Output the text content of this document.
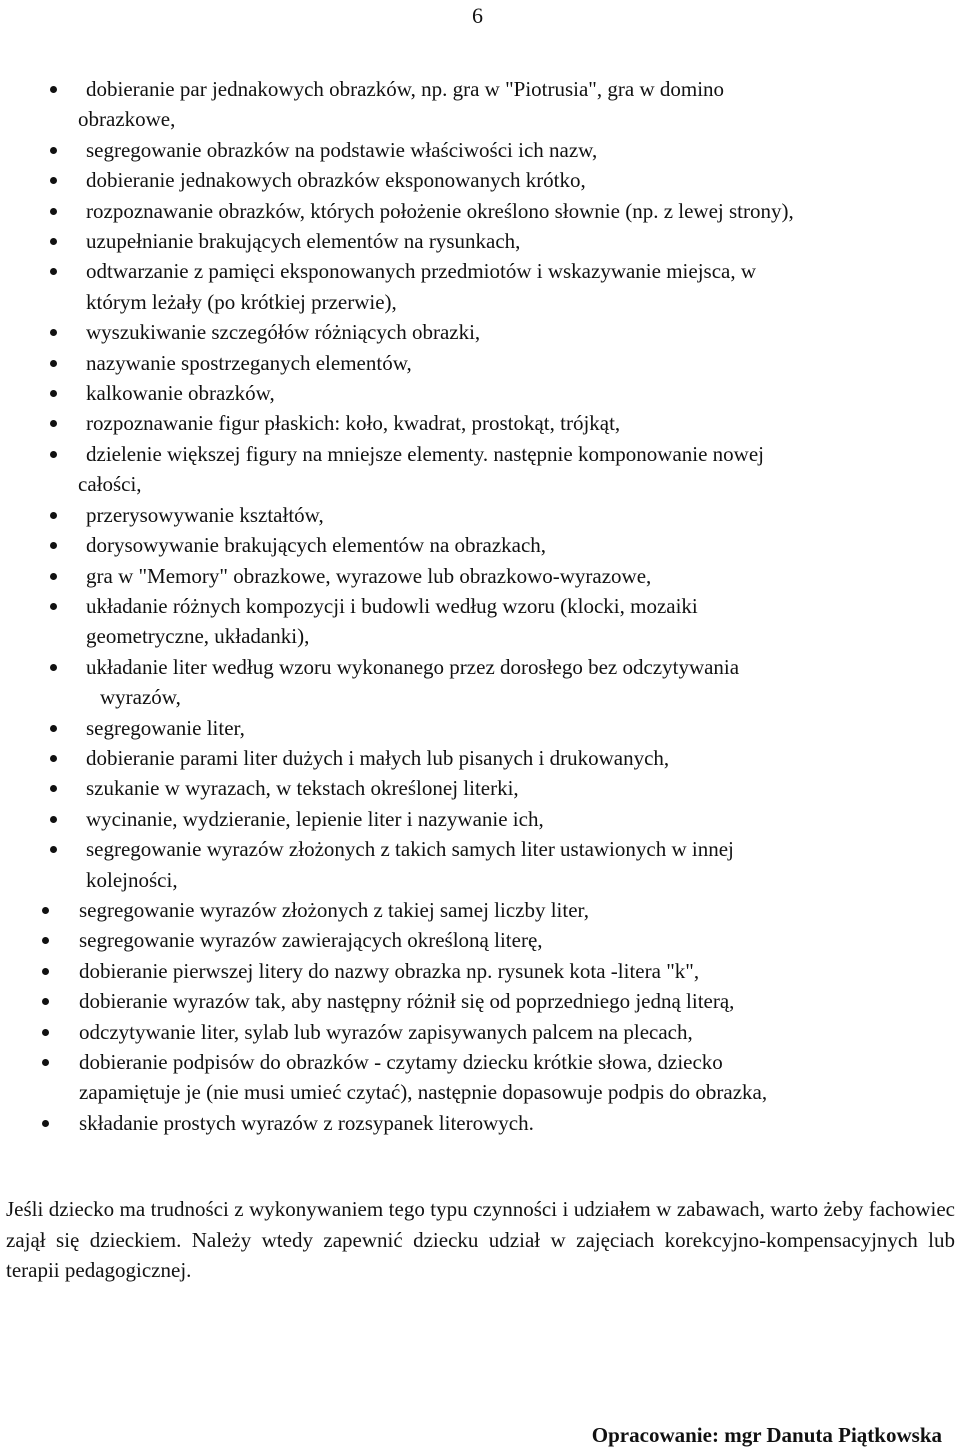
6
dobieranie par jednakowych obrazków, np. gra w "Piotrusia", gra w domino
obrazkowe,
segregowanie obrazków na podstawie właściwości ich nazw,
dobieranie jednakowych obrazków eksponowanych krótko,
rozpoznawanie obrazków, których położenie określono słownie (np. z lewej strony),
uzupełnianie brakujących elementów na rysunkach,
odtwarzanie z pamięci eksponowanych przedmiotów i wskazywanie miejsca, w
którym leżały (po krótkiej przerwie),
wyszukiwanie szczegółów różniących obrazki,
nazywanie spostrzeganych elementów,
kalkowanie obrazków,
rozpoznawanie figur płaskich: koło, kwadrat, prostokąt, trójkąt,
dzielenie większej figury na mniejsze elementy. następnie komponowanie nowej
całości,
przerysowywanie kształtów,
dorysowywanie brakujących elementów na obrazkach,
gra w "Memory" obrazkowe, wyrazowe lub obrazkowo-wyrazowe,
układanie różnych kompozycji i budowli według wzoru (klocki, mozaiki
geometryczne, układanki),
układanie liter według wzoru wykonanego przez dorosłego bez odczytywania
wyrazów,
segregowanie liter,
dobieranie parami liter dużych i małych lub pisanych i drukowanych,
szukanie w wyrazach, w tekstach określonej literki,
wycinanie, wydzieranie, lepienie liter i nazywanie ich,
segregowanie wyrazów złożonych z takich samych liter ustawionych w innej
kolejności,
segregowanie wyrazów złożonych z takiej samej liczby liter,
segregowanie wyrazów zawierających określoną literę,
dobieranie pierwszej litery do nazwy obrazka np. rysunek kota -litera "k",
dobieranie wyrazów tak, aby następny różnił się od poprzedniego jedną literą,
odczytywanie liter, sylab lub wyrazów zapisywanych palcem na plecach,
dobieranie podpisów do obrazków - czytamy dziecku krótkie słowa, dziecko
zapamiętuje je (nie musi umieć czytać), następnie dopasowuje podpis do obrazka,
składanie prostych wyrazów z rozsypanek literowych.

Jeśli dziecko ma trudności z wykonywaniem tego typu czynności i udziałem w zabawach, warto żeby fachowiec zajął się dzieckiem. Należy wtedy zapewnić dziecku udział w zajęciach korekcyjno-kompensacyjnych lub terapii pedagogicznej.

Opracowanie: mgr Danuta Piątkowska
